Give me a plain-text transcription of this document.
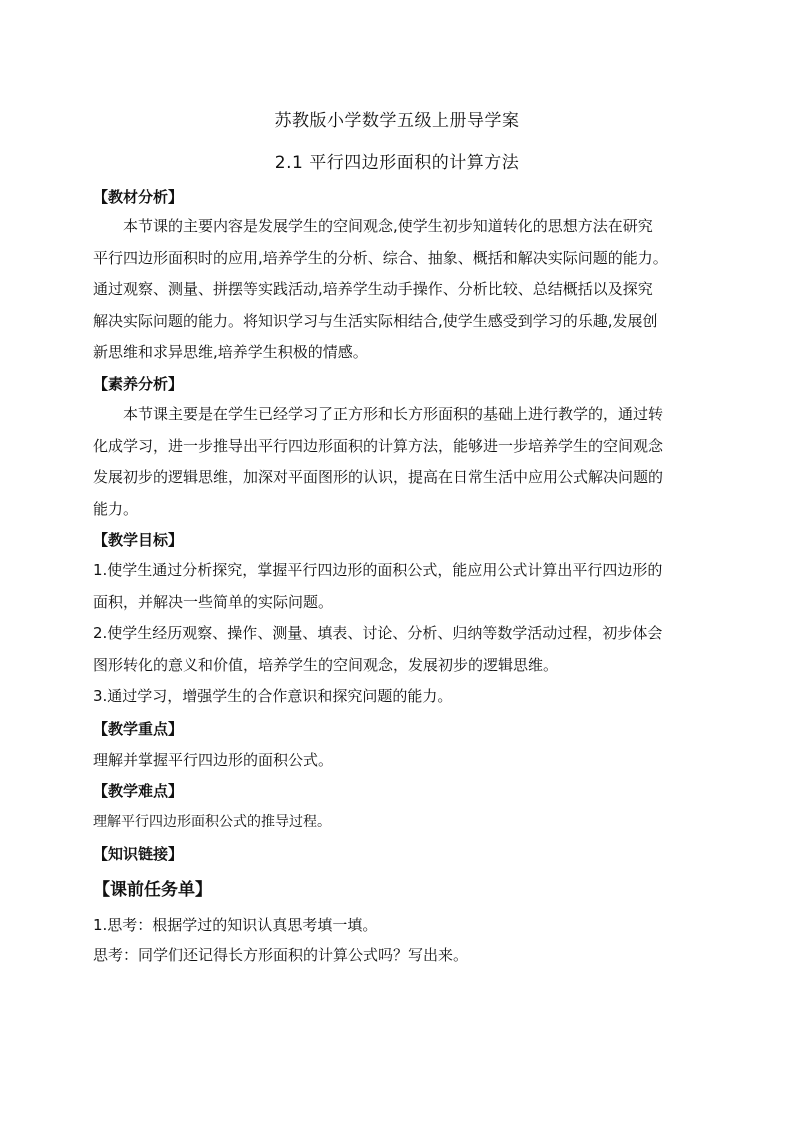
苏教版小学数学五级上册导学案
2.1 平行四边形面积的计算方法
【教材分析】
本节课的主要内容是发展学生的空间观念,使学生初步知道转化的思想方法在研究
平行四边形面积时的应用,培养学生的分析、综合、抽象、概括和解决实际问题的能力。
通过观察、测量、拼摆等实践活动,培养学生动手操作、分析比较、总结概括以及探究
解决实际问题的能力。将知识学习与生活实际相结合,使学生感受到学习的乐趣,发展创
新思维和求异思维,培养学生积极的情感。
【素养分析】
本节课主要是在学生已经学习了正方形和长方形面积的基础上进行教学的，通过转
化成学习，进一步推导出平行四边形面积的计算方法，能够进一步培养学生的空间观念
发展初步的逻辑思维，加深对平面图形的认识，提高在日常生活中应用公式解决问题的
能力。
【教学目标】
1.使学生通过分析探究，掌握平行四边形的面积公式，能应用公式计算出平行四边形的
面积，并解决一些简单的实际问题。
2.使学生经历观察、操作、测量、填表、讨论、分析、归纳等数学活动过程，初步体会
图形转化的意义和价值，培养学生的空间观念，发展初步的逻辑思维。
3.通过学习，增强学生的合作意识和探究问题的能力。
【教学重点】
理解并掌握平行四边形的面积公式。
【教学难点】
理解平行四边形面积公式的推导过程。
【知识链接】
【课前任务单】
1.思考：根据学过的知识认真思考填一填。
思考：同学们还记得长方形面积的计算公式吗？写出来。
